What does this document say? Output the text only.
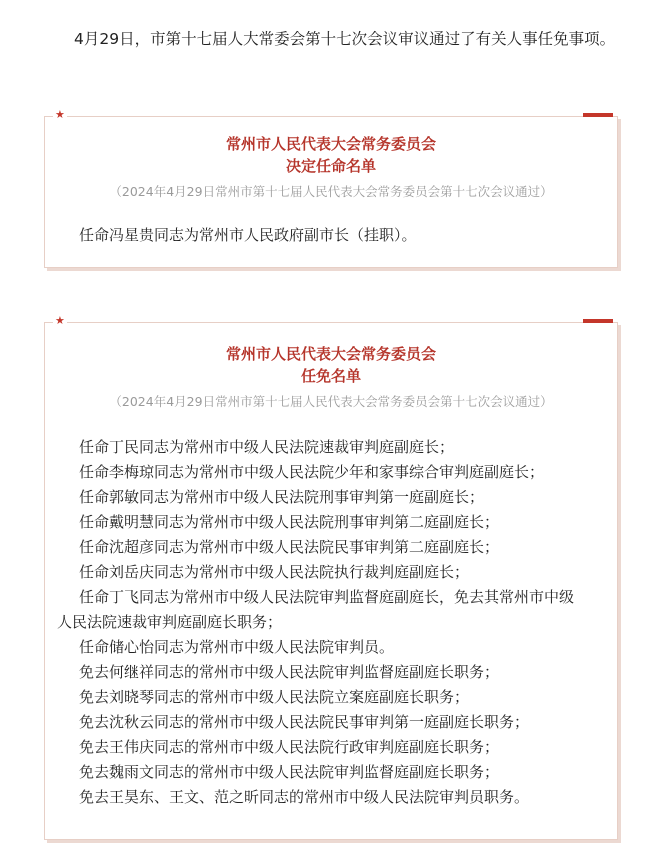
4月29日，市第十七届人大常委会第十七次会议审议通过了有关人事任免事项。

★

常州市人民代表大会常务委员会

决定任命名单

（2024年4月29日常州市第十七届人民代表大会常务委员会第十七次会议通过）

任命冯星贵同志为常州市人民政府副市长（挂职）。

★

常州市人民代表大会常务委员会

任免名单

（2024年4月29日常州市第十七届人民代表大会常务委员会第十七次会议通过）

任命丁民同志为常州市中级人民法院速裁审判庭副庭长；

任命李梅琼同志为常州市中级人民法院少年和家事综合审判庭副庭长；

任命郭敏同志为常州市中级人民法院刑事审判第一庭副庭长；

任命戴明慧同志为常州市中级人民法院刑事审判第二庭副庭长；

任命沈超彦同志为常州市中级人民法院民事审判第二庭副庭长；

任命刘岳庆同志为常州市中级人民法院执行裁判庭副庭长；

任命丁飞同志为常州市中级人民法院审判监督庭副庭长，免去其常州市中级

人民法院速裁审判庭副庭长职务；

任命储心怡同志为常州市中级人民法院审判员。

免去何继祥同志的常州市中级人民法院审判监督庭副庭长职务；

免去刘晓琴同志的常州市中级人民法院立案庭副庭长职务；

免去沈秋云同志的常州市中级人民法院民事审判第一庭副庭长职务；

免去王伟庆同志的常州市中级人民法院行政审判庭副庭长职务；

免去魏雨文同志的常州市中级人民法院审判监督庭副庭长职务；

免去王昊东、王文、范之昕同志的常州市中级人民法院审判员职务。
